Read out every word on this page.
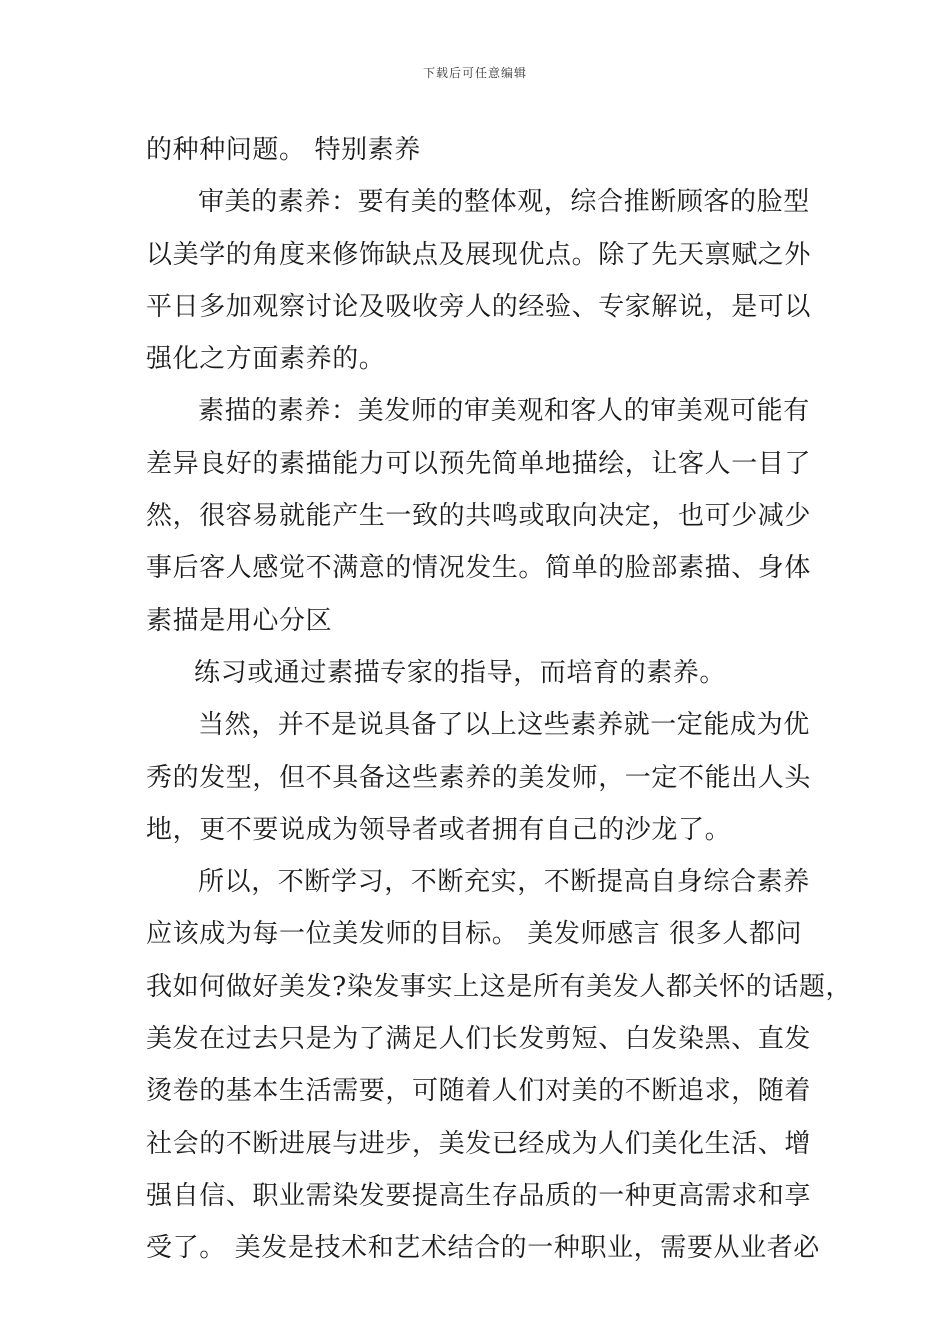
下载后可任意编辑
的种种问题。 特别素养
审美的素养：要有美的整体观，综合推断顾客的脸型
以美学的角度来修饰缺点及展现优点。除了先天禀赋之外
平日多加观察讨论及吸收旁人的经验、专家解说，是可以
强化之方面素养的。
素描的素养：美发师的审美观和客人的审美观可能有
差异良好的素描能力可以预先简单地描绘，让客人一目了
然，很容易就能产生一致的共鸣或取向决定，也可少减少
事后客人感觉不满意的情况发生。简单的脸部素描、身体
素描是用心分区
练习或通过素描专家的指导，而培育的素养。
当然，并不是说具备了以上这些素养就一定能成为优
秀的发型，但不具备这些素养的美发师，一定不能出人头
地，更不要说成为领导者或者拥有自己的沙龙了。
所以，不断学习，不断充实，不断提高自身综合素养
应该成为每一位美发师的目标。 美发师感言 很多人都问
我如何做好美发?染发事实上这是所有美发人都关怀的话题，
美发在过去只是为了满足人们长发剪短、白发染黑、直发
烫卷的基本生活需要，可随着人们对美的不断追求，随着
社会的不断进展与进步，美发已经成为人们美化生活、增
强自信、职业需染发要提高生存品质的一种更高需求和享
受了。 美发是技术和艺术结合的一种职业，需要从业者必
